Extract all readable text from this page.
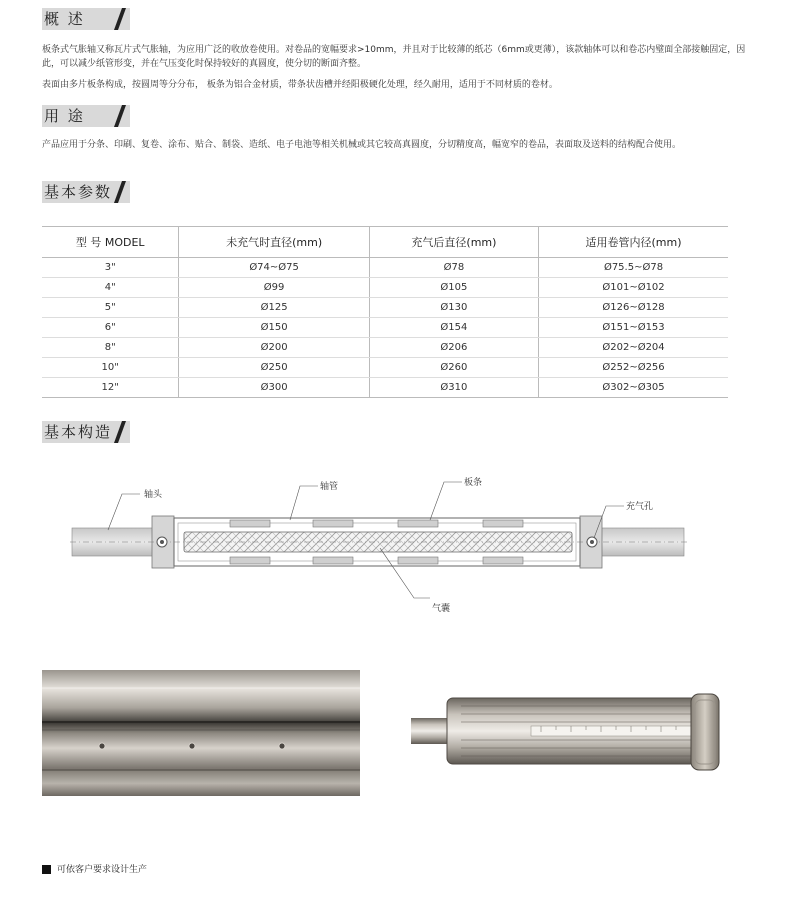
概 述
板条式气胀轴又称瓦片式气胀轴，为应用广泛的收放卷使用。对卷品的宽幅要求>10mm，并且对于比较薄的纸芯（6mm或更薄），该款轴体可以和卷芯内璧面全部接触固定，因此，可以减少纸管形变，并在气压变化时保持较好的真圆度，使分切的断面齐整。
表面由多片板条构成，按圆周等分分布， 板条为铝合金材质，带条状齿槽并经阳极硬化处理，经久耐用，适用于不同材质的卷材。
用 途
产品应用于分条、印刷、复卷、涂布、贴合、制袋、造纸、电子电池等相关机械或其它较高真圆度，分切精度高，幅宽窄的卷品，表面取及送料的结构配合使用。
基本参数
型 号 MODEL	未充气时直径(mm)	充气后直径(mm)	适用卷管内径(mm)
3"	Ø74~Ø75	Ø78	Ø75.5~Ø78
4"	Ø99	Ø105	Ø101~Ø102
5"	Ø125	Ø130	Ø126~Ø128
6"	Ø150	Ø154	Ø151~Ø153
8"	Ø200	Ø206	Ø202~Ø204
10"	Ø250	Ø260	Ø252~Ø256
12"	Ø300	Ø310	Ø302~Ø305
基本构造
轴头
轴管	板条
充气孔
气囊
可依客户要求设计生产
